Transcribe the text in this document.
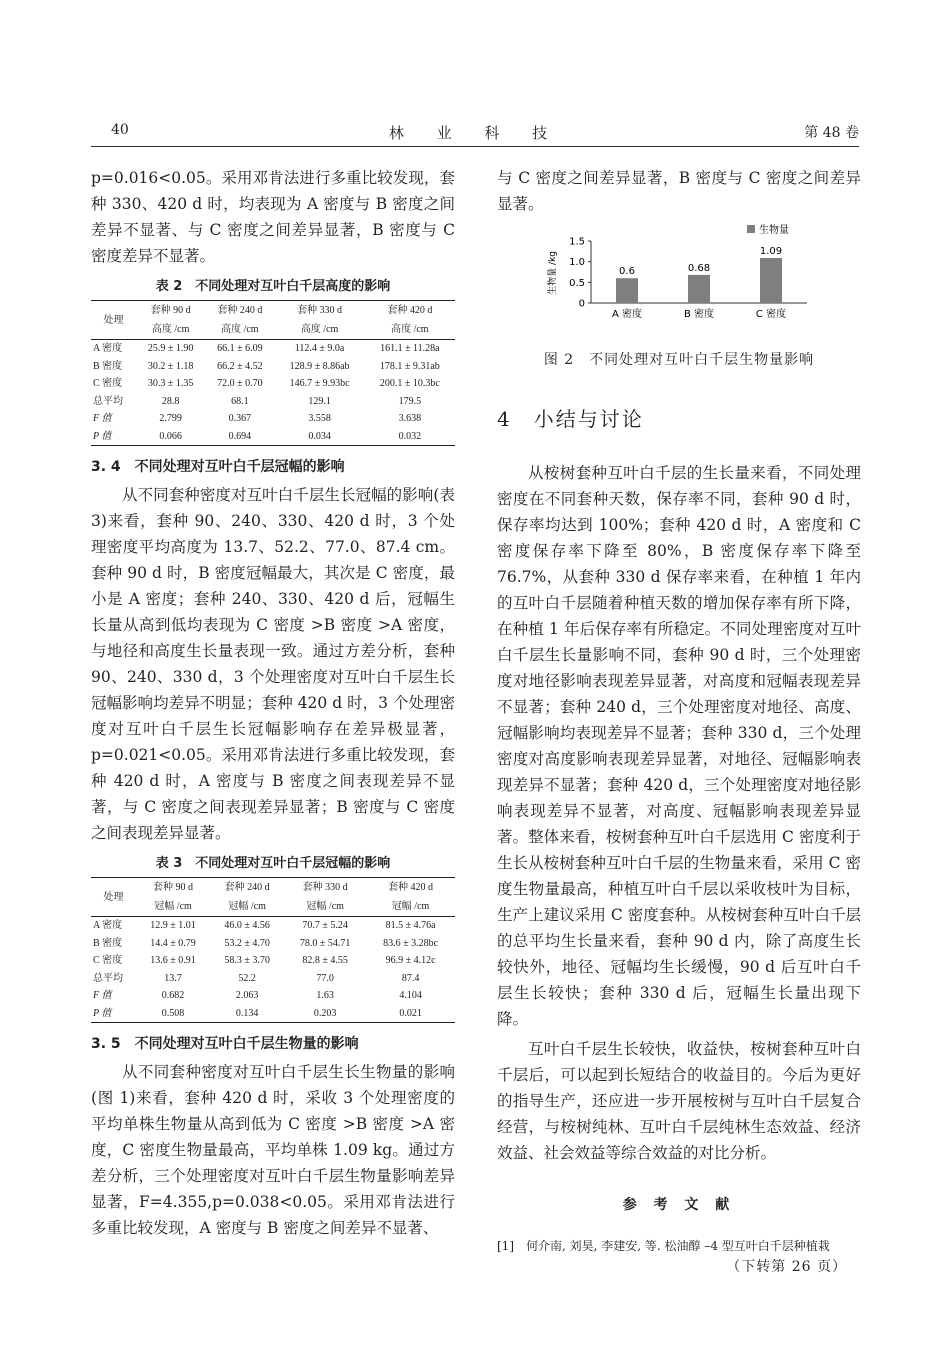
40	林 业 科 技	第 48 卷

p=0.016<0.05。采用邓肯法进行多重比较发现，套种 330、420 d 时，均表现为 A 密度与 B 密度之间差异不显著、与 C 密度之间差异显著，B 密度与 C 密度差异不显著。

表 2　不同处理对互叶白千层高度的影响
处理	套种 90 d	套种 240 d	套种 330 d	套种 420 d
	高度 /cm	高度 /cm	高度 /cm	高度 /cm
A 密度	25.9 ± 1.90	66.1 ± 6.09	112.4 ± 9.0a	161.1 ± 11.28a
B 密度	30.2 ± 1.18	66.2 ± 4.52	128.9 ± 8.86ab	178.1 ± 9.31ab
C 密度	30.3 ± 1.35	72.0 ± 0.70	146.7 ± 9.93bc	200.1 ± 10.3bc
总平均	28.8	68.1	129.1	179.5
F 值	2.799	0.367	3.558	3.638
P 值	0.066	0.694	0.034	0.032
3. 4　不同处理对互叶白千层冠幅的影响

从不同套种密度对互叶白千层生长冠幅的影响(表 3)来看，套种 90、240、330、420 d 时，3 个处理密度平均高度为 13.7、52.2、77.0、87.4 cm。套种 90 d 时，B 密度冠幅最大，其次是 C 密度，最小是 A 密度；套种 240、330、420 d 后，冠幅生长量从高到低均表现为 C 密度 >B 密度 >A 密度，与地径和高度生长量表现一致。通过方差分析，套种 90、240、330 d，3 个处理密度对互叶白千层生长冠幅影响均差异不明显；套种 420 d 时，3 个处理密度对互叶白千层生长冠幅影响存在差异极显著，p=0.021<0.05。采用邓肯法进行多重比较发现，套种 420 d 时，A 密度与 B 密度之间表现差异不显著，与 C 密度之间表现差异显著；B 密度与 C 密度之间表现差异显著。

表 3　不同处理对互叶白千层冠幅的影响
处理	套种 90 d	套种 240 d	套种 330 d	套种 420 d
	冠幅 /cm	冠幅 /cm	冠幅 /cm	冠幅 /cm
A 密度	12.9 ± 1.01	46.0 ± 4.56	70.7 ± 5.24	81.5 ± 4.76a
B 密度	14.4 ± 0.79	53.2 ± 4.70	78.0 ± 54.71	83.6 ± 3.28bc
C 密度	13.6 ± 0.91	58.3 ± 3.70	82.8 ± 4.55	96.9 ± 4.12c
总平均	13.7	52.2	77.0	87.4
F 值	0.682	2.063	1.63	4.104
P 值	0.508	0.134	0.203	0.021
3. 5　不同处理对互叶白千层生物量的影响

从不同套种密度对互叶白千层生长生物量的影响(图 1)来看，套种 420 d 时，采收 3 个处理密度的平均单株生物量从高到低为 C 密度 >B 密度 >A 密度，C 密度生物量最高，平均单株 1.09 kg。通过方差分析，三个处理密度对互叶白千层生物量影响差异显著，F=4.355,p=0.038<0.05。采用邓肯法进行多重比较发现，A 密度与 B 密度之间差异不显著、

与 C 密度之间差异显著，B 密度与 C 密度之间差异显著。

生物量 /kg
生物量
0
0.5
1.0
1.5
0.6
A 密度
0.68
B 密度
1.09
C 密度
图 2　不同处理对互叶白千层生物量影响
4　小结与讨论

从桉树套种互叶白千层的生长量来看，不同处理密度在不同套种天数，保存率不同，套种 90 d 时，保存率均达到 100%；套种 420 d 时，A 密度和 C 密度保存率下降至 80%，B 密度保存率下降至 76.7%，从套种 330 d 保存率来看，在种植 1 年内的互叶白千层随着种植天数的增加保存率有所下降，在种植 1 年后保存率有所稳定。不同处理密度对互叶白千层生长量影响不同，套种 90 d 时，三个处理密度对地径影响表现差异显著，对高度和冠幅表现差异不显著；套种 240 d，三个处理密度对地径、高度、冠幅影响均表现差异不显著；套种 330 d，三个处理密度对高度影响表现差异显著，对地径、冠幅影响表现差异不显著；套种 420 d，三个处理密度对地径影响表现差异不显著，对高度、冠幅影响表现差异显著。整体来看，桉树套种互叶白千层选用 C 密度利于生长从桉树套种互叶白千层的生物量来看，采用 C 密度生物量最高，种植互叶白千层以采收枝叶为目标，生产上建议采用 C 密度套种。从桉树套种互叶白千层的总平均生长量来看，套种 90 d 内，除了高度生长较快外，地径、冠幅均生长缓慢，90 d 后互叶白千层生长较快；套种 330 d 后，冠幅生长量出现下降。

互叶白千层生长较快，收益快，桉树套种互叶白千层后，可以起到长短结合的收益目的。今后为更好的指导生产，还应进一步开展桉树与互叶白千层复合经营，与桉树纯林、互叶白千层纯林生态效益、经济效益、社会效益等综合效益的对比分析。

参 考 文 献

[1]　何介南, 刘昊, 李建安, 等. 松油醇 –4 型互叶白千层种植栽

（下转第 26 页）
